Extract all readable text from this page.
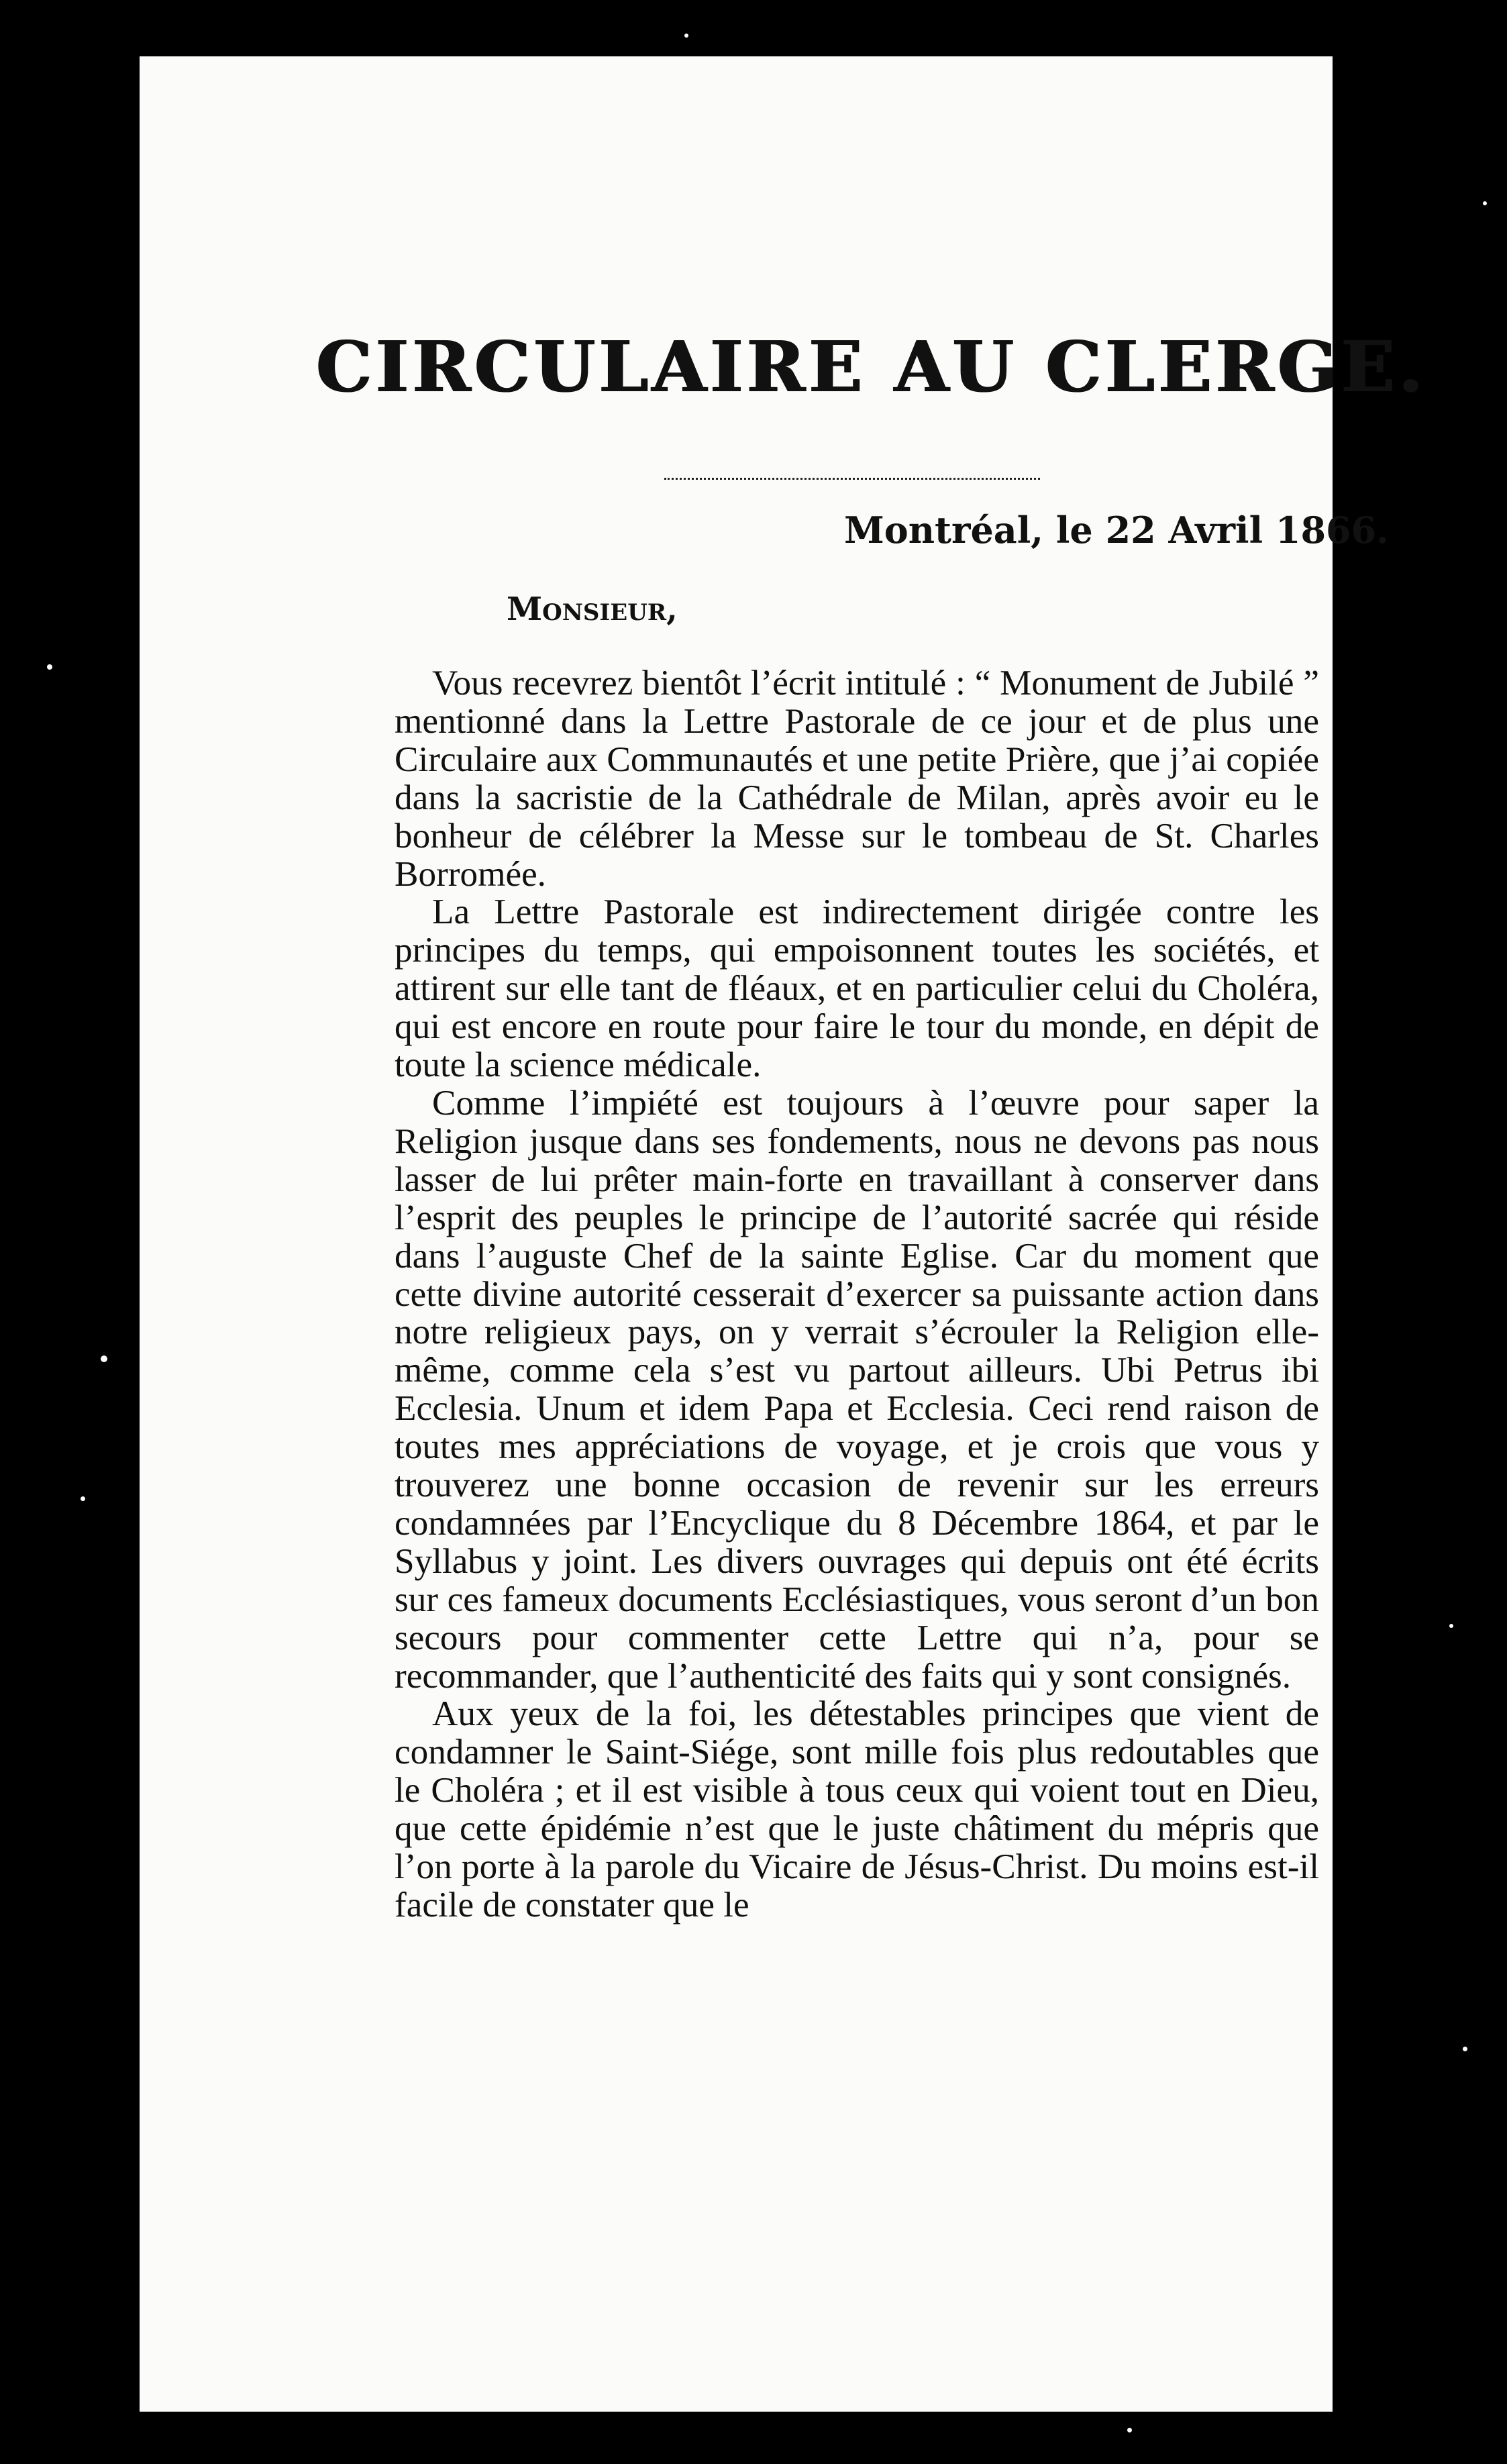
CIRCULAIRE AU CLERGE.
Montréal, le 22 Avril 1866.
Monsieur,

Vous recevrez bientôt l’écrit intitulé : “ Monument de Jubilé ” mentionné dans la Lettre Pastorale de ce jour et de plus une Circulaire aux Communautés et une petite Prière, que j’ai copiée dans la sacristie de la Cathédrale de Milan, après avoir eu le bonheur de célébrer la Messe sur le tombeau de St. Charles Borromée.

La Lettre Pastorale est indirectement dirigée contre les principes du temps, qui empoisonnent toutes les sociétés, et attirent sur elle tant de fléaux, et en particulier celui du Choléra, qui est encore en route pour faire le tour du monde, en dépit de toute la science médicale.

Comme l’impiété est toujours à l’œuvre pour saper la Religion jusque dans ses fondements, nous ne devons pas nous lasser de lui prêter main-forte en travaillant à conserver dans l’esprit des peuples le principe de l’autorité sacrée qui réside dans l’auguste Chef de la sainte Eglise. Car du moment que cette divine autorité cesserait d’exercer sa puissante action dans notre religieux pays, on y verrait s’écrouler la Religion elle-même, comme cela s’est vu partout ailleurs. Ubi Petrus ibi Ecclesia. Unum et idem Papa et Ecclesia. Ceci rend raison de toutes mes appréciations de voyage, et je crois que vous y trouverez une bonne occasion de revenir sur les erreurs condamnées par l’Encyclique du 8 Décembre 1864, et par le Syllabus y joint. Les divers ouvrages qui depuis ont été écrits sur ces fameux documents Ecclésiastiques, vous seront d’un bon secours pour commenter cette Lettre qui n’a, pour se recommander, que l’authenticité des faits qui y sont consignés.

Aux yeux de la foi, les détestables principes que vient de condamner le Saint-Siége, sont mille fois plus redoutables que le Choléra ; et il est visible à tous ceux qui voient tout en Dieu, que cette épidémie n’est que le juste châtiment du mépris que l’on porte à la parole du Vicaire de Jésus-Christ. Du moins est-il facile de constater que le
